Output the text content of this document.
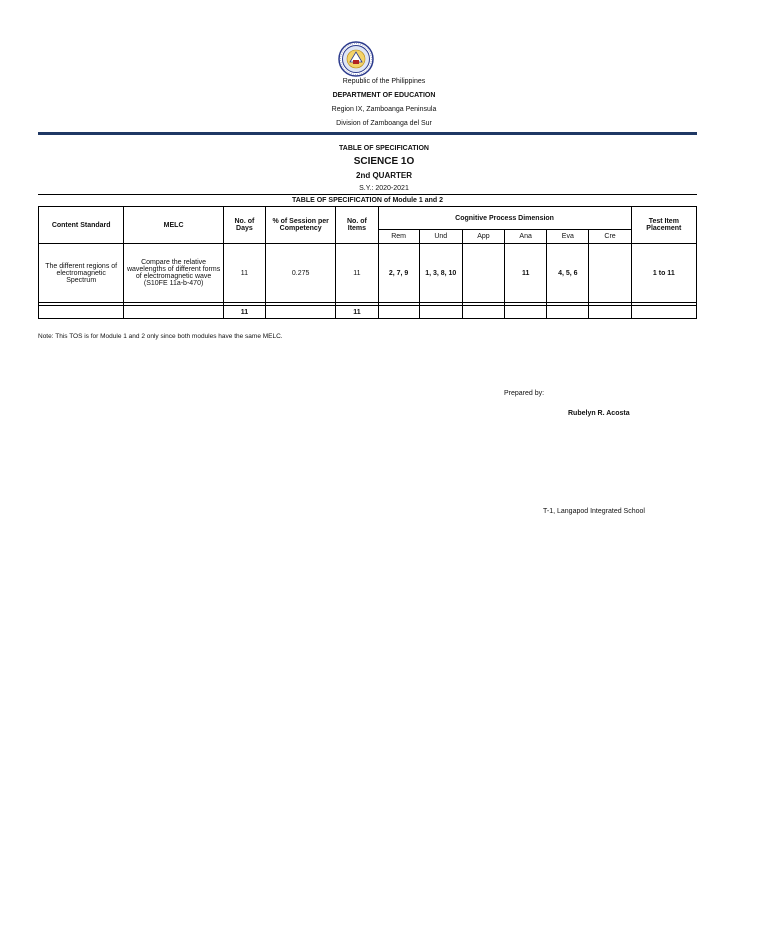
Republic of the Philippines
DEPARTMENT OF EDUCATION
Region IX, Zamboanga Peninsula
Division of Zamboanga del Sur
TABLE OF SPECIFICATION
SCIENCE 1O
2nd QUARTER
S.Y.: 2020-2021
TABLE OF SPECIFICATION of Module 1 and 2
Content Standard	MELC	No. of Days	% of Session per Competency	No. of Items	Cognitive Process Dimension						Test Item Placement
					Rem	Und	App	Ana	Eva	Cre	
The different regions of electromagnetic Spectrum	Compare the relative wavelengths of different forms of electromagnetic wave (S10FE 11a-b-470)	11	0.275	11	2, 7, 9	1, 3, 8, 10		11	4, 5, 6		1 to 11

		11		11							
Note: This TOS is for Module 1 and 2 only since both modules have the same MELC.
Prepared by:
Rubelyn R. Acosta
T-1, Langapod Integrated School
